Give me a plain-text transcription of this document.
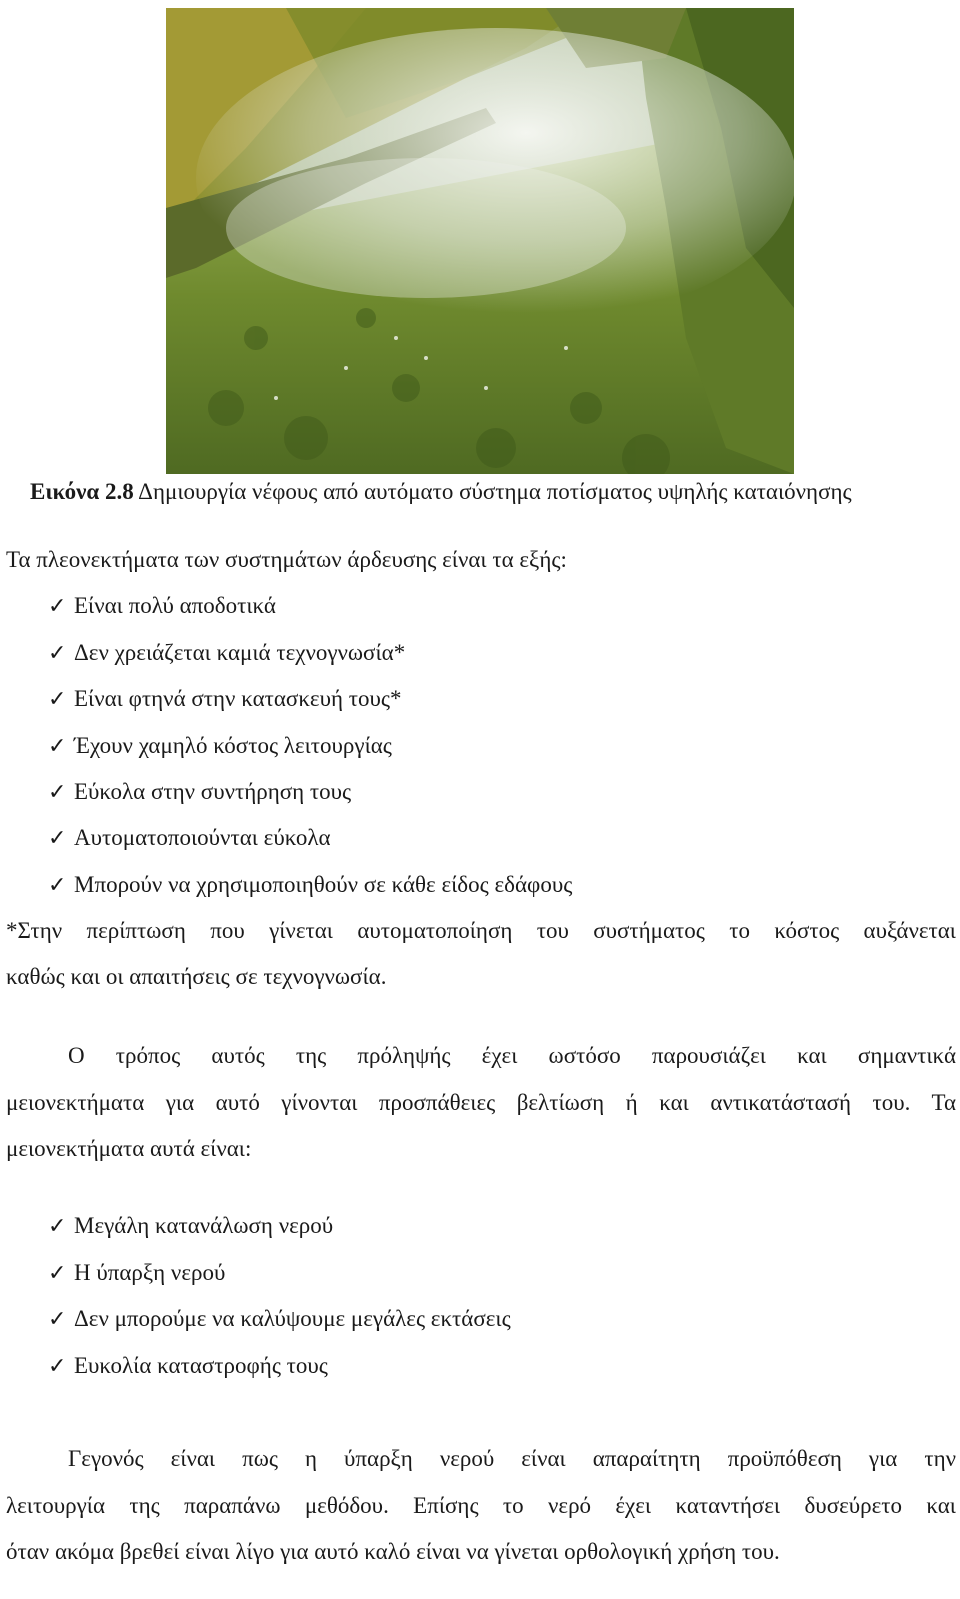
Εικόνα 2.8 Δημιουργία νέφους από αυτόματο σύστημα ποτίσματος υψηλής καταιόνησης
Τα πλεονεκτήματα των συστημάτων άρδευσης είναι τα εξής:
✓ Είναι πολύ αποδοτικά
✓ Δεν χρειάζεται καμιά τεχνογνωσία*
✓ Είναι φτηνά στην κατασκευή τους*
✓ Έχουν χαμηλό κόστος λειτουργίας
✓ Εύκολα στην συντήρηση τους
✓ Αυτοματοποιούνται εύκολα
✓ Μπορούν να χρησιμοποιηθούν σε κάθε είδος εδάφους
*Στην περίπτωση που γίνεται αυτοματοποίηση του συστήματος το κόστος αυξάνεται
καθώς και οι απαιτήσεις σε τεχνογνωσία.
Ο τρόπος αυτός της πρόληψής έχει ωστόσο παρουσιάζει και σημαντικά
μειονεκτήματα για αυτό γίνονται προσπάθειες βελτίωση ή και αντικατάστασή του. Τα
μειονεκτήματα αυτά είναι:
✓ Μεγάλη κατανάλωση νερού
✓ Η ύπαρξη νερού
✓ Δεν μπορούμε να καλύψουμε μεγάλες εκτάσεις
✓ Ευκολία καταστροφής τους
Γεγονός είναι πως η ύπαρξη νερού είναι απαραίτητη προϋπόθεση για την
λειτουργία της παραπάνω μεθόδου. Επίσης το νερό έχει καταντήσει δυσεύρετο και
όταν ακόμα βρεθεί είναι λίγο για αυτό καλό είναι να γίνεται ορθολογική χρήση του.
